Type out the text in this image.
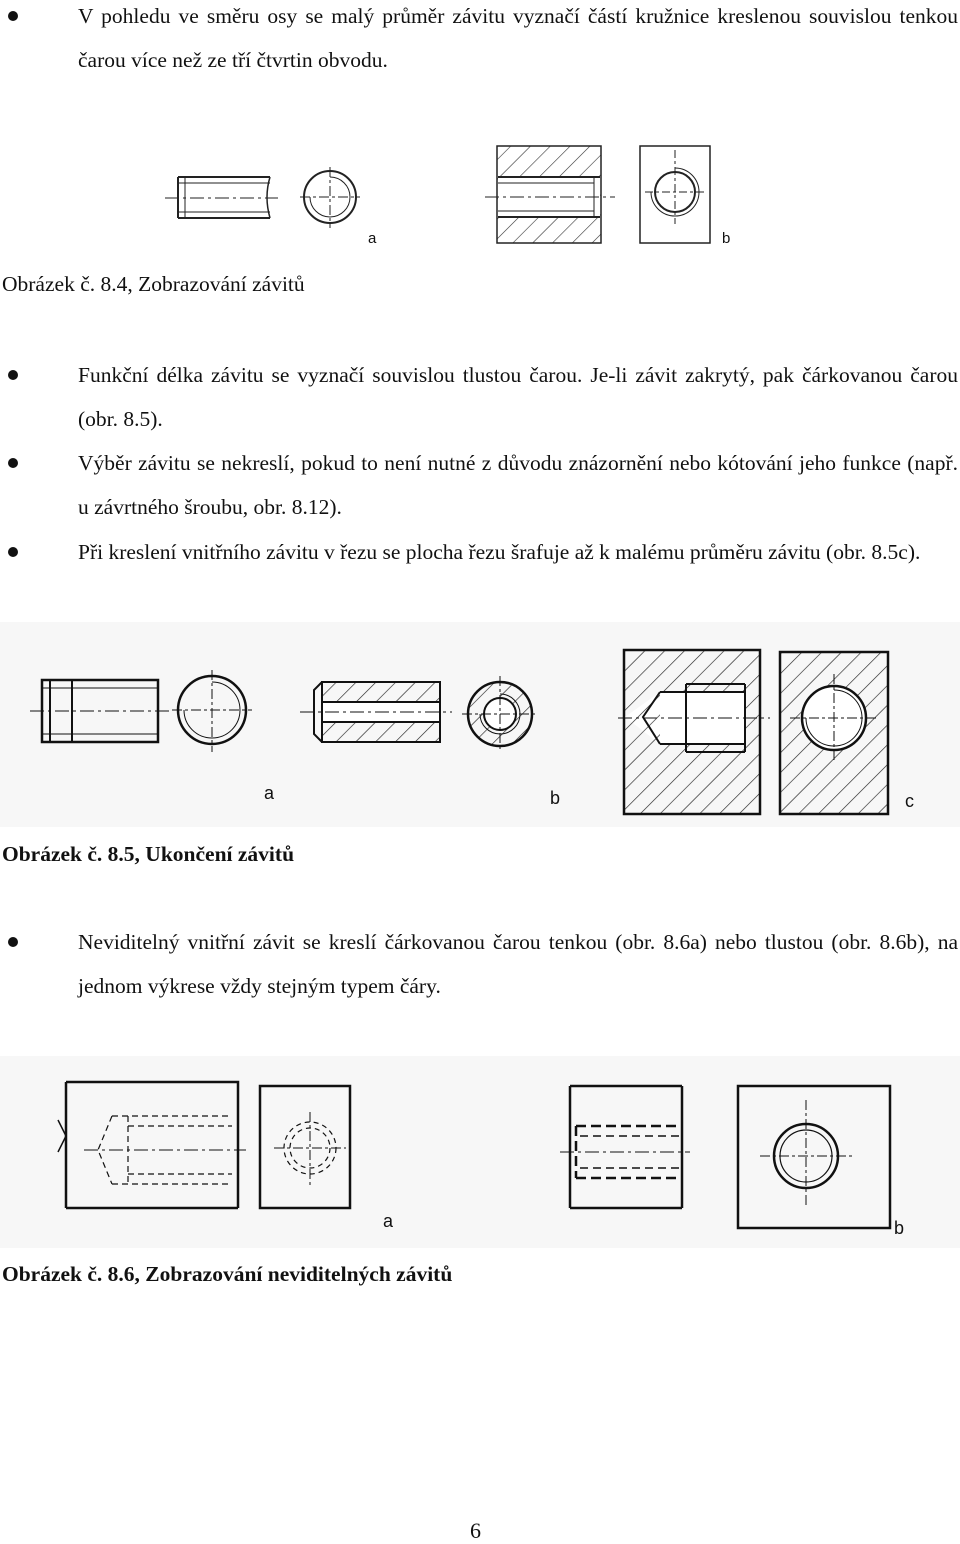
V pohledu ve směru osy se malý průměr závitu vyznačí částí kružnice kreslenou souvislou tenkou čarou více než ze tří čtvrtin obvodu.
a	b
Obrázek č. 8.4, Zobrazování závitů
Funkční délka závitu se vyznačí souvislou tlustou čarou. Je-li závit zakrytý, pak čárkovanou čarou (obr. 8.5).
Výběr závitu se nekreslí, pokud to není nutné z důvodu znázornění nebo kótování jeho funkce (např. u závrtného šroubu, obr. 8.12).
Při kreslení vnitřního závitu v řezu se plocha řezu šrafuje až k malému průměru závitu (obr. 8.5c).
a	b	c
Obrázek č. 8.5, Ukončení závitů
Neviditelný vnitřní závit se kreslí čárkovanou čarou tenkou (obr. 8.6a) nebo tlustou (obr. 8.6b), na jednom výkrese vždy stejným typem čáry.
a	b
Obrázek č. 8.6, Zobrazování neviditelných závitů
6
